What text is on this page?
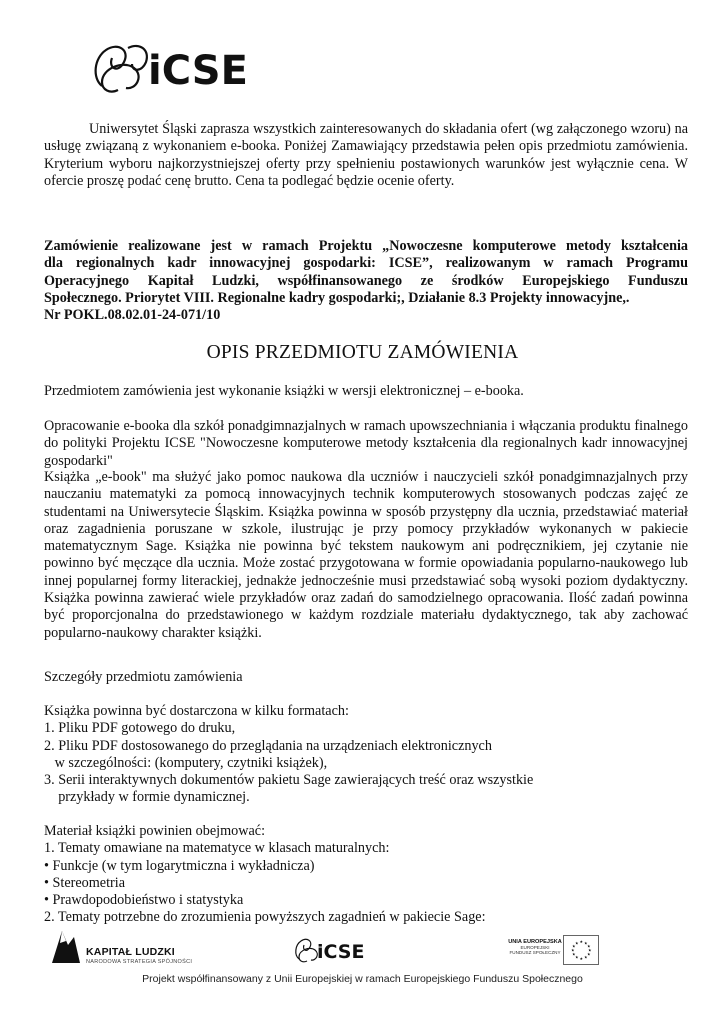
iCSE

Uniwersytet Śląski zaprasza wszystkich zainteresowanych do składania ofert (wg załączonego wzoru) na usługę związaną z wykonaniem e-booka. Poniżej Zamawiający przedstawia pełen opis przedmiotu zamówienia. Kryterium wyboru najkorzystniejszej oferty przy spełnieniu postawionych warunków jest wyłącznie cena. W ofercie proszę podać cenę brutto. Cena ta podlegać będzie ocenie oferty.

Zamówienie realizowane jest w ramach Projektu „Nowoczesne komputerowe metody kształcenia
dla regionalnych kadr innowacyjnej gospodarki: ICSE”, realizowanym w ramach Programu
Operacyjnego Kapitał Ludzki, współfinansowanego ze środków Europejskiego Funduszu
Społecznego. Priorytet VIII. Regionalne kadry gospodarki;, Działanie 8.3 Projekty innowacyjne,.
Nr POKL.08.02.01-24-071/10
OPIS PRZEDMIOTU ZAMÓWIENIA

Przedmiotem zamówienia jest wykonanie książki w wersji elektronicznej – e-booka.

Opracowanie e-booka dla szkół ponadgimnazjalnych w ramach upowszechniania i włączania produktu finalnego do polityki Projektu ICSE "Nowoczesne komputerowe metody kształcenia dla regionalnych kadr innowacyjnej gospodarki"

Książka „e-book" ma służyć jako pomoc naukowa dla uczniów i nauczycieli szkół ponadgimnazjalnych przy nauczaniu matematyki za pomocą innowacyjnych technik komputerowych stosowanych podczas zajęć ze studentami na Uniwersytecie Śląskim. Książka powinna w sposób przystępny dla ucznia, przedstawiać materiał oraz zagadnienia poruszane w szkole, ilustrując je przy pomocy przykładów wykonanych w pakiecie matematycznym Sage. Książka nie powinna być tekstem naukowym ani podręcznikiem, jej czytanie nie powinno być męczące dla ucznia. Może zostać przygotowana w formie opowiadania popularno-naukowego lub innej popularnej formy literackiej, jednakże jednocześnie musi przedstawiać sobą wysoki poziom dydaktyczny. Książka powinna zawierać wiele przykładów oraz zadań do samodzielnego opracowania. Ilość zadań powinna być proporcjonalna do przedstawionego w każdym rozdziale materiału dydaktycznego, tak aby zachować popularno-naukowy charakter książki.

Szczegóły przedmiotu zamówienia

Książka powinna być dostarczona w kilku formatach:
1. Pliku PDF gotowego do druku,
2. Pliku PDF dostosowanego do przeglądania na urządzeniach elektronicznych
w szczególności: (komputery, czytniki książek),
3. Serii interaktywnych dokumentów pakietu Sage zawierających treść oraz wszystkie
przykłady w formie dynamicznej.
Materiał książki powinien obejmować:
1. Tematy omawiane na matematyce w klasach maturalnych:
• Funkcje (w tym logarytmiczna i wykładnicza)
• Stereometria
• Prawdopodobieństwo i statystyka
2. Tematy potrzebne do zrozumienia powyższych zagadnień w pakiecie Sage:
KAPITAŁ LUDZKI
NARODOWA STRATEGIA SPÓJNOŚCI	iCSE	UNIA EUROPEJSKA
EUROPEJSKI
FUNDUSZ SPOŁECZNY
★ ★
★
★
★
★
★
★
★
★
★
★
Projekt współfinansowany z Unii Europejskiej w ramach Europejskiego Funduszu Społecznego
